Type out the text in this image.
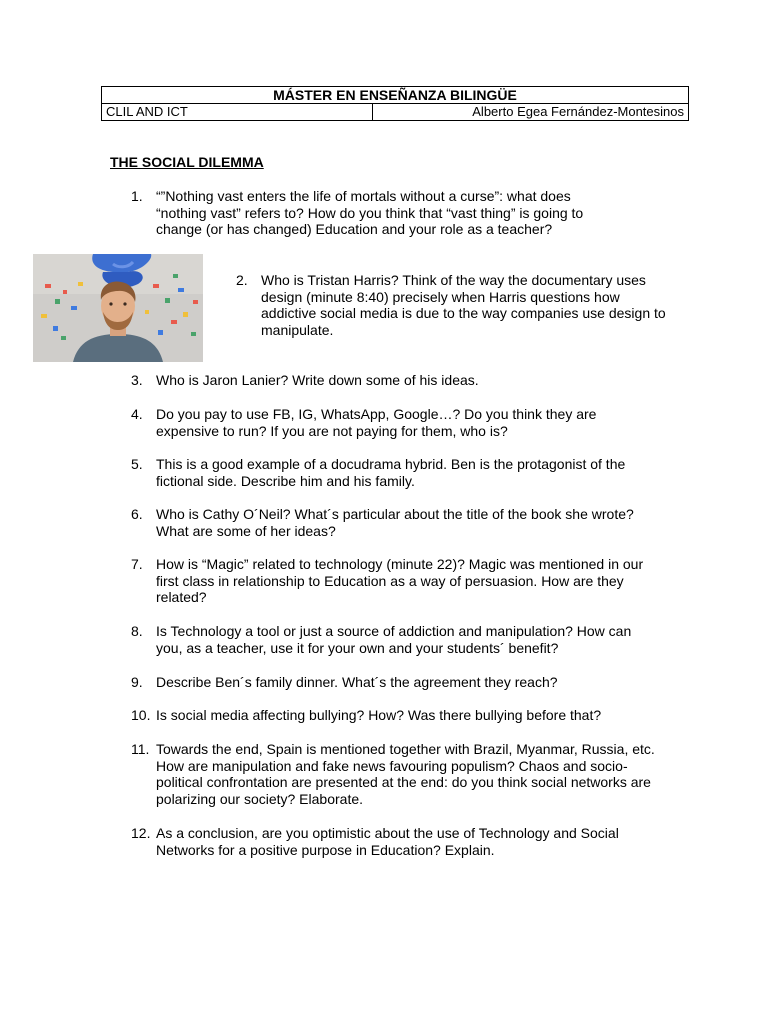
MÁSTER EN ENSEÑANZA BILINGÜE
CLIL AND ICT	Alberto Egea Fernández-Montesinos
THE SOCIAL DILEMMA
1. “”Nothing vast enters the life of mortals without a curse”: what does “nothing vast” refers to? How do you think that “vast thing” is going to change (or has changed) Education and your role as a teacher?
2. Who is Tristan Harris? Think of the way the documentary uses design (minute 8:40) precisely when Harris questions how addictive social media is due to the way companies use design to manipulate.
3. Who is Jaron Lanier? Write down some of his ideas.
4. Do you pay to use FB, IG, WhatsApp, Google…? Do you think they are expensive to run? If you are not paying for them, who is?
5. This is a good example of a docudrama hybrid. Ben is the protagonist of the fictional side. Describe him and his family.
6. Who is Cathy O´Neil? What´s particular about the title of the book she wrote? What are some of her ideas?
7. How is “Magic” related to technology (minute 22)? Magic was mentioned in our first class in relationship to Education as a way of persuasion. How are they related?
8. Is Technology a tool or just a source of addiction and manipulation? How can you, as a teacher, use it for your own and your students´ benefit?
9. Describe Ben´s family dinner. What´s the agreement they reach?
10. Is social media affecting bullying? How? Was there bullying before that?
11. Towards the end, Spain is mentioned together with Brazil, Myanmar, Russia, etc. How are manipulation and fake news favouring populism? Chaos and socio-political confrontation are presented at the end: do you think social networks are polarizing our society? Elaborate.
12. As a conclusion, are you optimistic about the use of Technology and Social Networks for a positive purpose in Education? Explain.
